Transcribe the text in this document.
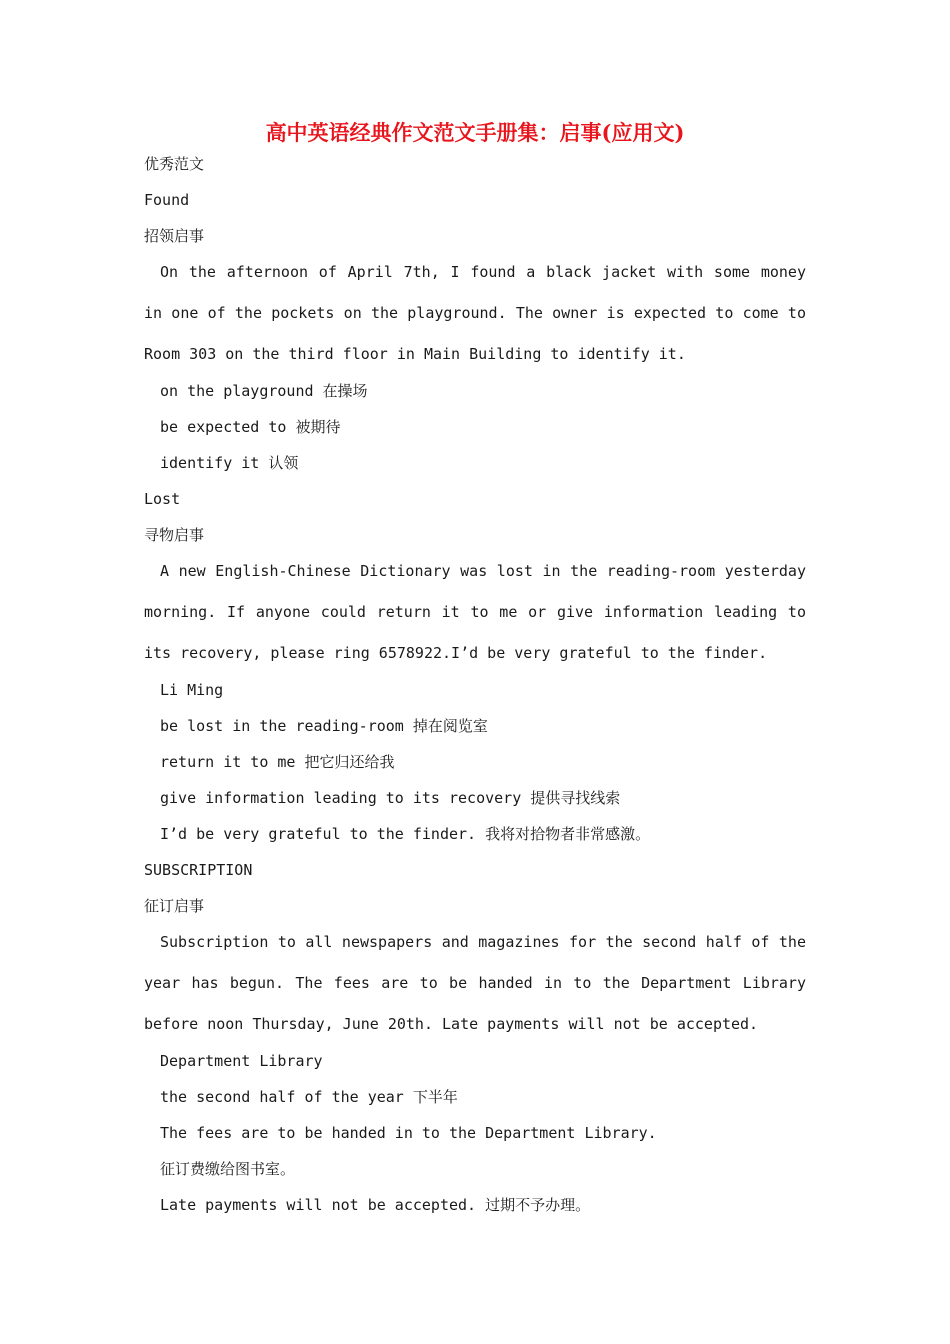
高中英语经典作文范文手册集：启事(应用文)
优秀范文
Found
招领启事
On the afternoon of April 7th, I found a black jacket with some money in one of the pockets on the playground. The owner is expected to come to Room 303 on the third floor in Main Building to identify it.
on the playground 在操场
be expected to 被期待
identify it 认领
Lost
寻物启事
A new English-Chinese Dictionary was lost in the reading-room yesterday morning. If anyone could return it to me or give information leading to its recovery, please ring 6578922.I’d be very grateful to the finder.
Li Ming
be lost in the reading-room 掉在阅览室
return it to me 把它归还给我
give information leading to its recovery 提供寻找线索
I’d be very grateful to the finder. 我将对拾物者非常感激。
SUBSCRIPTION
征订启事
Subscription to all newspapers and magazines for the second half of the year has begun. The fees are to be handed in to the Department Library before noon Thursday, June 20th. Late payments will not be accepted.
Department Library
the second half of the year 下半年
The fees are to be handed in to the Department Library.
征订费缴给图书室。
Late payments will not be accepted. 过期不予办理。
